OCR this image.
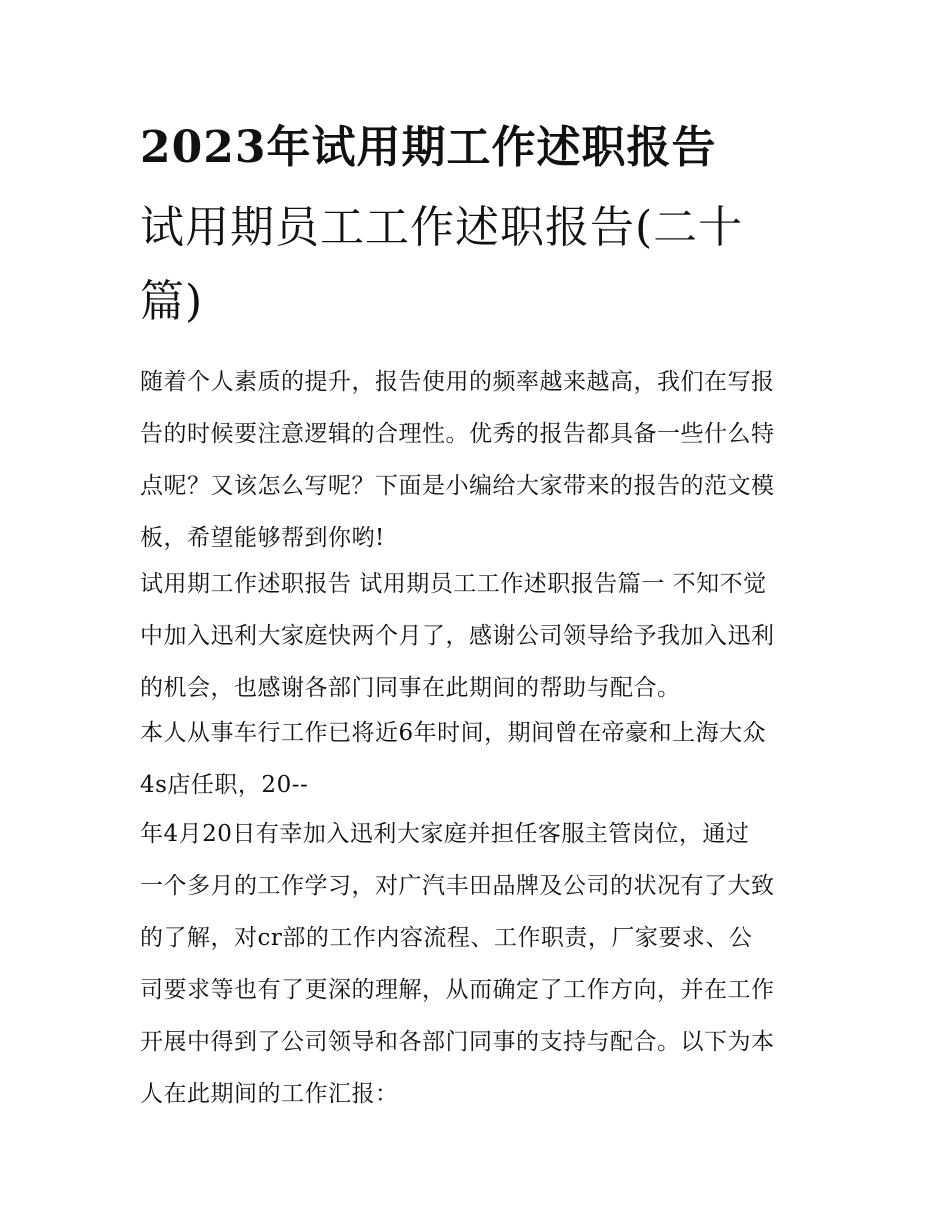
2023年试用期工作述职报告
试用期员工工作述职报告(二十
篇)

随着个人素质的提升，报告使用的频率越来越高，我们在写报
告的时候要注意逻辑的合理性。优秀的报告都具备一些什么特
点呢？又该怎么写呢？下面是小编给大家带来的报告的范文模
板，希望能够帮到你哟!

试用期工作述职报告 试用期员工工作述职报告篇一 不知不觉
中加入迅利大家庭快两个月了，感谢公司领导给予我加入迅利
的机会，也感谢各部门同事在此期间的帮助与配合。

本人从事车行工作已将近6年时间，期间曾在帝豪和上海大众
4s店任职，20--

年4月20日有幸加入迅利大家庭并担任客服主管岗位，通过
一个多月的工作学习，对广汽丰田品牌及公司的状况有了大致
的了解，对cr部的工作内容流程、工作职责，厂家要求、公
司要求等也有了更深的理解，从而确定了工作方向，并在工作
开展中得到了公司领导和各部门同事的支持与配合。以下为本
人在此期间的工作汇报：
